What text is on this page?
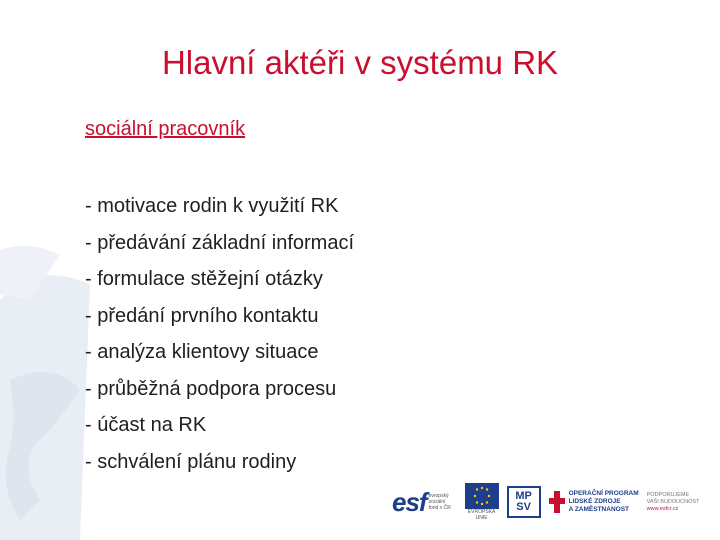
Hlavní aktéři v systému RK
sociální pracovník
- motivace rodin k využití RK
- předávání základní informací
- formulace stěžejní otázky
- předání prvního kontaktu
- analýza klientovy situace
- průběžná podpora procesu
- účast na RK
- schválení plánu rodiny
esf evropský sociální fond v ČR
EVROPSKÁ UNIE
MP
SV
OPERAČNÍ PROGRAM
LIDSKÉ ZDROJE
A ZAMĚSTNANOST
PODPORUJEME
VAŠI BUDOUCNOST
www.esfcr.cz
